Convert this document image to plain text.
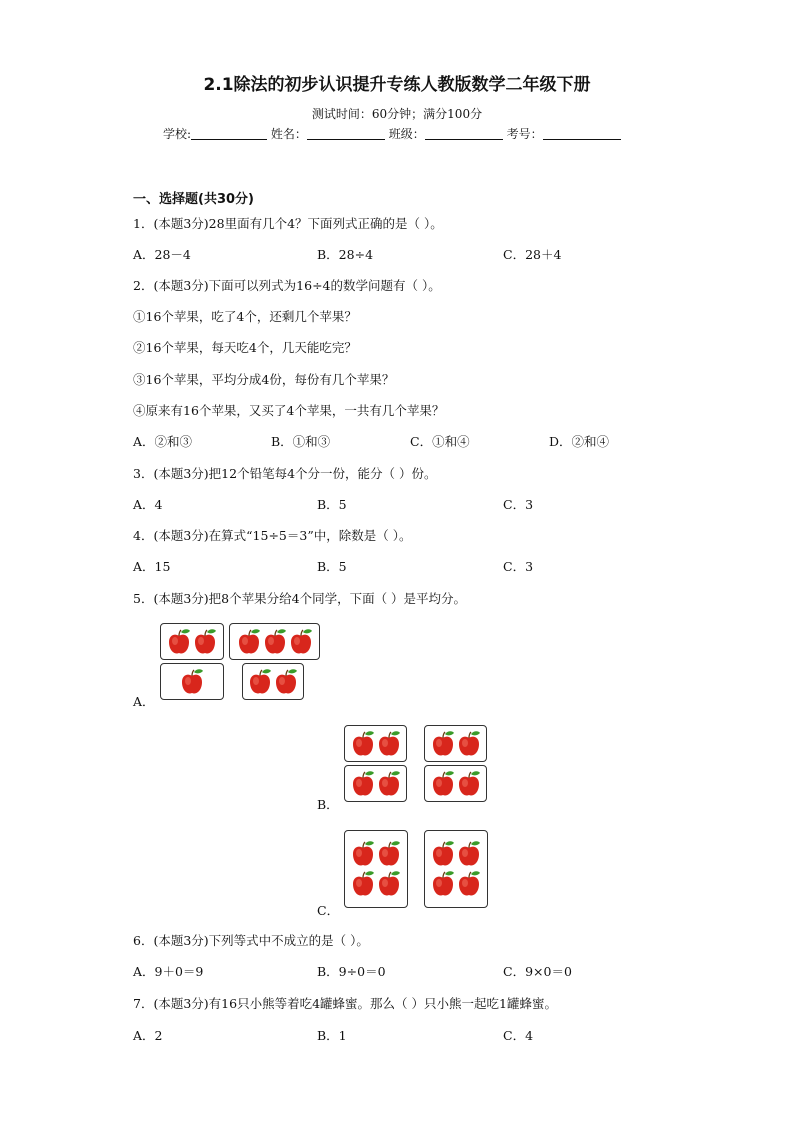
2.1除法的初步认识提升专练人教版数学二年级下册
测试时间：60分钟；满分100分
学校:	姓名：	班级：	考号：
一、选择题(共30分)
1．(本题3分)28里面有几个4？下面列式正确的是（ ）。
A．28－4	B．28÷4	C．28＋4
2．(本题3分)下面可以列式为16÷4的数学问题有（ ）。
①16个苹果，吃了4个，还剩几个苹果？
②16个苹果，每天吃4个，几天能吃完？
③16个苹果，平均分成4份，每份有几个苹果？
④原来有16个苹果，又买了4个苹果，一共有几个苹果？
A．②和③	B．①和③	C．①和④	D．②和④
3．(本题3分)把12个铅笔每4个分一份，能分（ ）份。
A．4	B．5	C．3
4．(本题3分)在算式“15÷5＝3”中，除数是（ ）。
A．15	B．5	C．3
5．(本题3分)把8个苹果分给4个同学，下面（ ）是平均分。
A．
B．
C．
6．(本题3分)下列等式中不成立的是（ ）。
A．9＋0＝9	B．9÷0＝0	C．9×0＝0
7．(本题3分)有16只小熊等着吃4罐蜂蜜。那么（ ）只小熊一起吃1罐蜂蜜。
A．2	B．1	C．4
